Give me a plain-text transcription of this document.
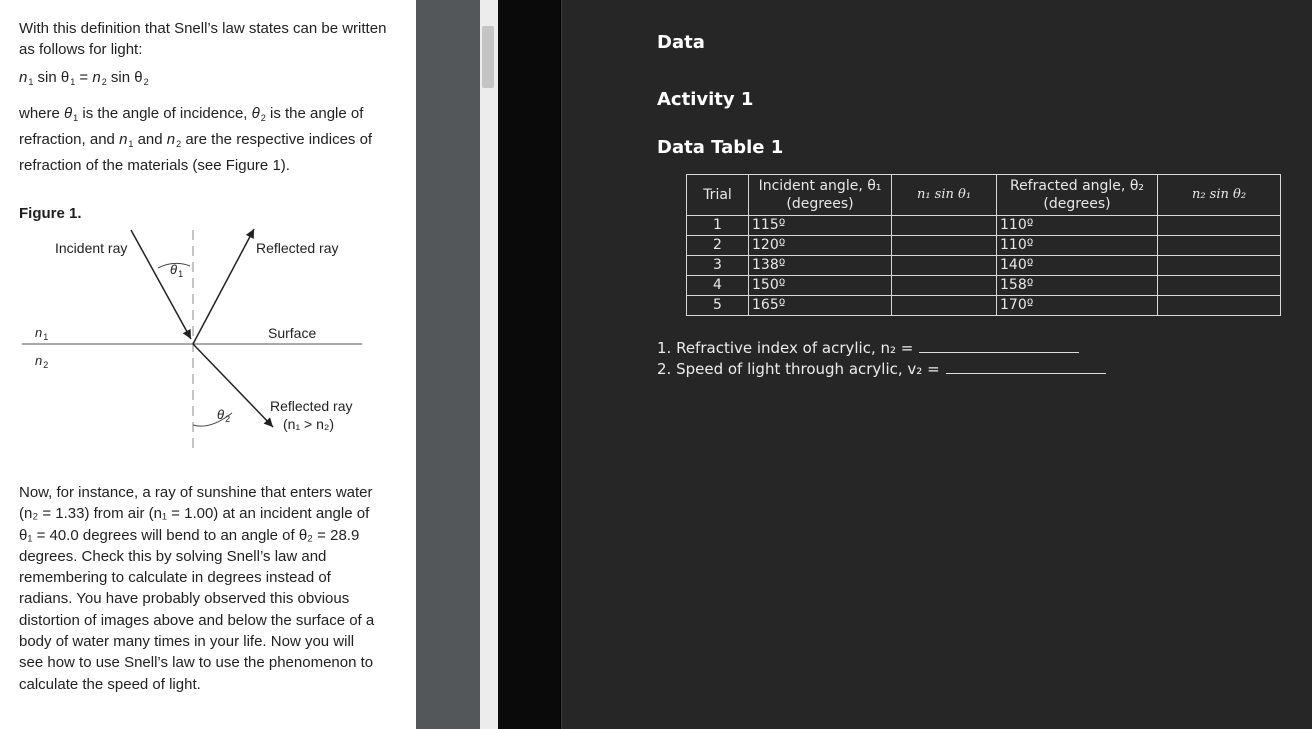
With this definition that Snell’s law states can be written as follows for light:

$n_1$ $\sin \theta_1 = n_2$ $\sin \theta_2$

where $\theta_1$ is the angle of incidence, $\theta_2$ is the angle of refraction, and $n_1$ and $n_2$ are the respective indices of refraction of the materials (see Figure 1).

Figure 1.

Incident ray	Reflected ray
$\theta_1$
Surface
$n_1$
$n_2$
Reflected ray
(n₁ > n₂)
$\theta_2$

Now, for instance, a ray of sunshine that enters water (n₂ = 1.33) from air (n₁ = 1.00) at an incident angle of θ₁ = 40.0 degrees will bend to an angle of θ₂ = 28.9 degrees. Check this by solving Snell’s law and remembering to calculate in degrees instead of radians. You have probably observed this obvious distortion of images above and below the surface of a body of water many times in your life. Now you will see how to use Snell’s law to use the phenomenon to calculate the speed of light.

Data
Activity 1
Data Table 1
Trial	Incident angle, θ₁ (degrees)	n₁ sin θ₁	Refracted angle, θ₂ (degrees)	n₂ sin θ₂
1	115º		110º	
2	120º		110º	
3	138º		140º	
4	150º		158º	
5	165º		170º	

1. Refractive index of acrylic, n₂ =

2. Speed of light through acrylic, v₂ =
